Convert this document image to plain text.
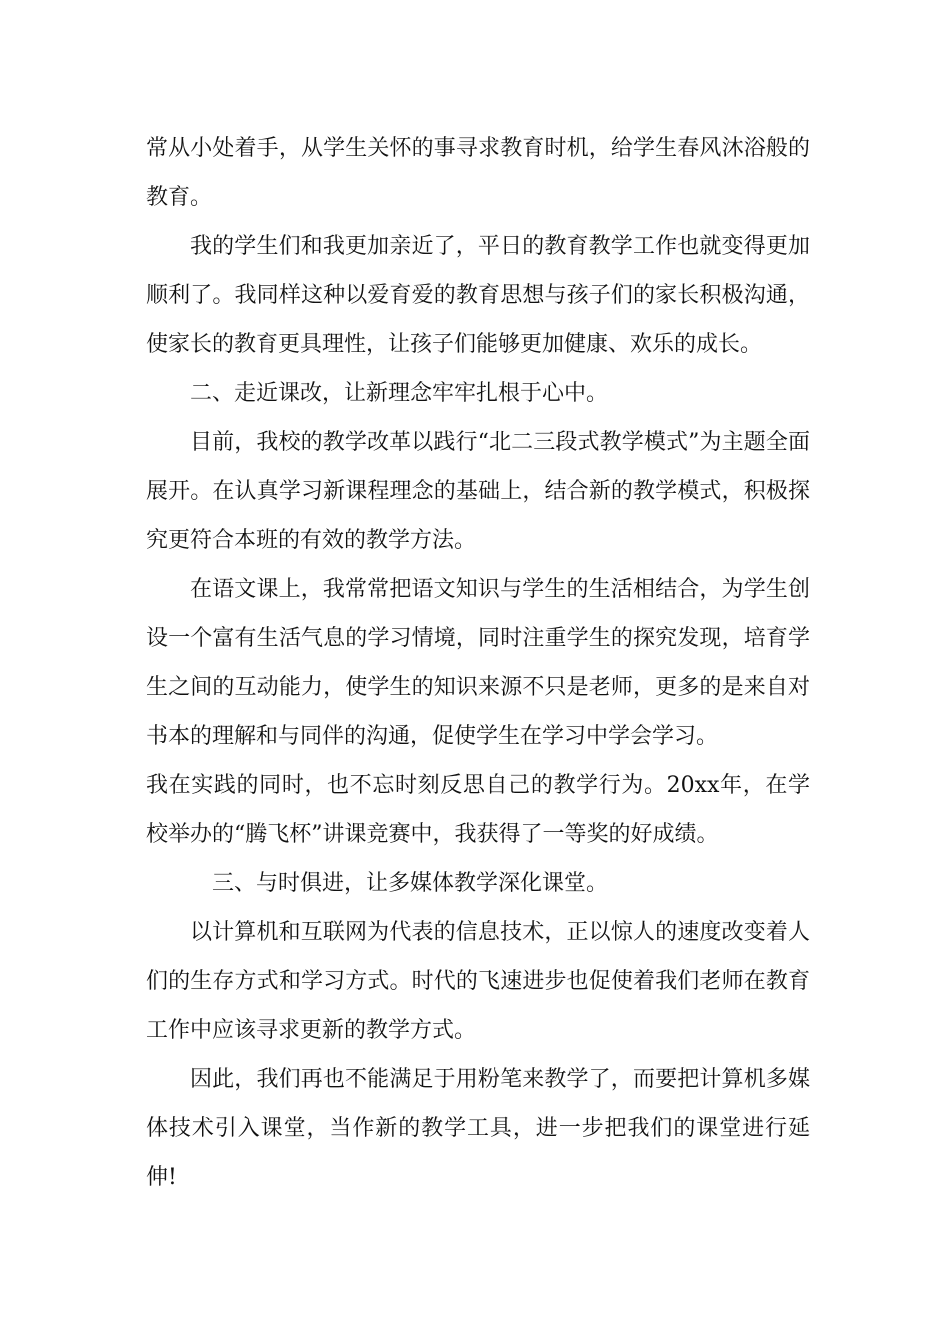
常从小处着手，从学生关怀的事寻求教育时机，给学生春风沐浴般的教育。

我的学生们和我更加亲近了，平日的教育教学工作也就变得更加顺利了。我同样这种以爱育爱的教育思想与孩子们的家长积极沟通，使家长的教育更具理性，让孩子们能够更加健康、欢乐的成长。

二、走近课改，让新理念牢牢扎根于心中。

目前，我校的教学改革以践行“北二三段式教学模式”为主题全面展开。在认真学习新课程理念的基础上，结合新的教学模式，积极探究更符合本班的有效的教学方法。

在语文课上，我常常把语文知识与学生的生活相结合，为学生创设一个富有生活气息的学习情境，同时注重学生的探究发现，培育学生之间的互动能力，使学生的知识来源不只是老师，更多的是来自对书本的理解和与同伴的沟通，促使学生在学习中学会学习。

我在实践的同时，也不忘时刻反思自己的教学行为。20xx年，在学校举办的“腾飞杯”讲课竞赛中，我获得了一等奖的好成绩。

三、与时俱进，让多媒体教学深化课堂。

以计算机和互联网为代表的信息技术，正以惊人的速度改变着人们的生存方式和学习方式。时代的飞速进步也促使着我们老师在教育工作中应该寻求更新的教学方式。

因此，我们再也不能满足于用粉笔来教学了，而要把计算机多媒体技术引入课堂，当作新的教学工具，进一步把我们的课堂进行延伸!
